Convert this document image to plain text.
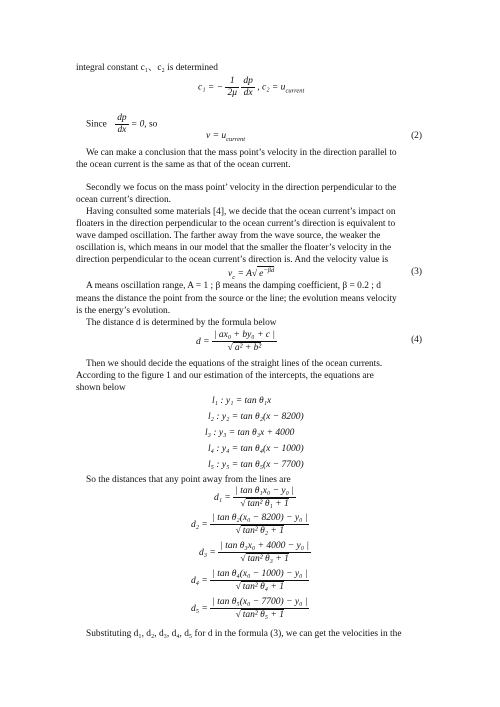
integral constant c₁、c₂ is determined
c₁ = − $\frac{1}{2\mu}$
$\frac{dp}{dx}$ , $c_2 = u_{current}$
Since $\frac{dp}{dx} = 0$, so
$v = u_{current}$	(2)
We can make a conclusion that the mass point’s velocity in the direction parallel to
the ocean current is the same as that of the ocean current.
Secondly we focus on the mass point’ velocity in the direction perpendicular to the
ocean current’s direction.
Having consulted some materials [4], we decide that the ocean current’s impact on
floaters in the direction perpendicular to the ocean current’s direction is equivalent to
wave damped oscillation. The farther away from the wave source, the weaker the
oscillation is, which means in our model that the smaller the floater’s velocity in the
direction perpendicular to the ocean current’s direction is. And the velocity value is
$v_c = A√$ $e^{-\beta d}$	(3)
A means oscillation range, A = 1 ; β means the damping coefficient, β = 0.2 ; d
means the distance the point from the source or the line; the evolution means velocity
is the energy’s evolution.
The distance d is determined by the formula below
$d = \frac{\text{| ax₀ + by₀ + c |}}{\text{√ a² + b²}}$	(4)
Then we should decide the equations of the straight lines of the ocean currents.
According to the figure 1 and our estimation of the intercepts, the equations are
shown below
l₁ : y₁ = tan θ₁x
l₂ : y₂ = tan θ₂(x − 8200)
l₃ : y₃ = tan θ₃x + 4000
l₄ : y₄ = tan θ₄(x − 1000)
l₅ : y₅ = tan θ₅(x − 7700)
So the distances that any point away from the lines are
$d_1 = \frac{\text{| tan θ₁x₀ − y₀ |}}{\text{√ tan² θ₁ + 1}}$
$d_2 = \frac{\text{| tan θ₂(x₀ − 8200) − y₀ |}}{\text{√ tan² θ₂ + 1}}$
$d_3 = \frac{\text{| tan θ₃x₀ + 4000 − y₀ |}}{\text{√ tan² θ₃ + 1}}$
$d_4 = \frac{\text{| tan θ₄(x₀ − 1000) − y₀ |}}{\text{√ tan² θ₄ + 1}}$
$d_5 = \frac{\text{| tan θ₅(x₀ − 7700) − y₀ |}}{\text{√ tan² θ₅ + 1}}$
Substituting d₁, d₂, d₃, d₄, d₅ for d in the formula (3), we can get the velocities in the
